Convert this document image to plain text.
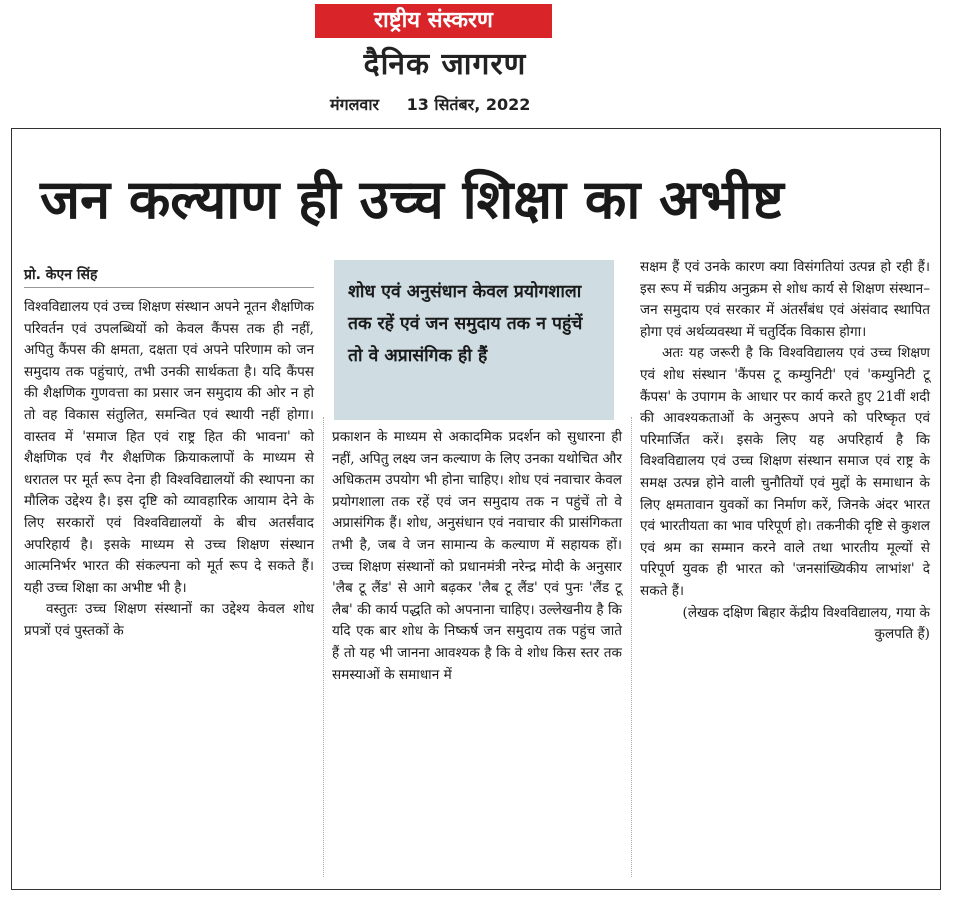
राष्ट्रीय संस्करण
दैनिक जागरण
मंगलवार 13 सितंबर, 2022
जन कल्याण ही उच्च शिक्षा का अभीष्ट
प्रो. केएन सिंह

विश्वविद्यालय एवं उच्च शिक्षण संस्थान अपने नूतन शैक्षणिक परिवर्तन एवं उपलब्धियों को केवल कैंपस तक ही नहीं, अपितु कैंपस की क्षमता, दक्षता एवं अपने परिणाम को जन समुदाय तक पहुंचाएं, तभी उनकी सार्थकता है। यदि कैंपस की शैक्षणिक गुणवत्ता का प्रसार जन समुदाय की ओर न हो तो वह विकास संतुलित, समन्वित एवं स्थायी नहीं होगा। वास्तव में 'समाज हित एवं राष्ट्र हित की भावना' को शैक्षणिक एवं गैर शैक्षणिक क्रियाकलापों के माध्यम से धरातल पर मूर्त रूप देना ही विश्वविद्यालयों की स्थापना का मौलिक उद्देश्य है। इस दृष्टि को व्यावहारिक आयाम देने के लिए सरकारों एवं विश्वविद्यालयों के बीच अतर्संवाद अपरिहार्य है। इसके माध्यम से उच्च शिक्षण संस्थान आत्मनिर्भर भारत की संकल्पना को मूर्त रूप दे सकते हैं। यही उच्च शिक्षा का अभीष्ट भी है।

वस्तुतः उच्च शिक्षण संस्थानों का उद्देश्य केवल शोध प्रपत्रों एवं पुस्तकों के

शोध एवं अनुसंधान केवल प्रयोगशाला तक रहें एवं जन समुदाय तक न पहुंचें तो वे अप्रासंगिक ही हैं

प्रकाशन के माध्यम से अकादमिक प्रदर्शन को सुधारना ही नहीं, अपितु लक्ष्य जन कल्याण के लिए उनका यथोचित और अधिकतम उपयोग भी होना चाहिए। शोध एवं नवाचार केवल प्रयोगशाला तक रहें एवं जन समुदाय तक न पहुंचें तो वे अप्रासंगिक हैं। शोध, अनुसंधान एवं नवाचार की प्रासंगिकता तभी है, जब वे जन सामान्य के कल्याण में सहायक हों। उच्च शिक्षण संस्थानों को प्रधानमंत्री नरेन्द्र मोदी के अनुसार 'लैब टू लैंड' से आगे बढ़कर 'लैब टू लैंड' एवं पुनः 'लैंड टू लैब' की कार्य पद्धति को अपनाना चाहिए। उल्लेखनीय है कि यदि एक बार शोध के निष्कर्ष जन समुदाय तक पहुंच जाते हैं तो यह भी जानना आवश्यक है कि वे शोध किस स्तर तक समस्याओं के समाधान में

सक्षम हैं एवं उनके कारण क्या विसंगतियां उत्पन्न हो रही हैं। इस रूप में चक्रीय अनुक्रम से शोध कार्य से शिक्षण संस्थान–जन समुदाय एवं सरकार में अंतर्संबंध एवं अंसंवाद स्थापित होगा एवं अर्थव्यवस्था में चतुर्दिक विकास होगा।

अतः यह जरूरी है कि विश्वविद्यालय एवं उच्च शिक्षण एवं शोध संस्थान 'कैंपस टू कम्युनिटी' एवं 'कम्युनिटी टू कैंपस' के उपागम के आधार पर कार्य करते हुए 21वीं शदी की आवश्यकताओं के अनुरूप अपने को परिष्कृत एवं परिमार्जित करें। इसके लिए यह अपरिहार्य है कि विश्वविद्यालय एवं उच्च शिक्षण संस्थान समाज एवं राष्ट्र के समक्ष उत्पन्न होने वाली चुनौतियों एवं मुद्दों के समाधान के लिए क्षमतावान युवकों का निर्माण करें, जिनके अंदर भारत एवं भारतीयता का भाव परिपूर्ण हो। तकनीकी दृष्टि से कुशल एवं श्रम का सम्मान करने वाले तथा भारतीय मूल्यों से परिपूर्ण युवक ही भारत को 'जनसांख्यिकीय लाभांश' दे सकते हैं।

(लेखक दक्षिण बिहार केंद्रीय विश्वविद्यालय, गया के कुलपति हैं)
